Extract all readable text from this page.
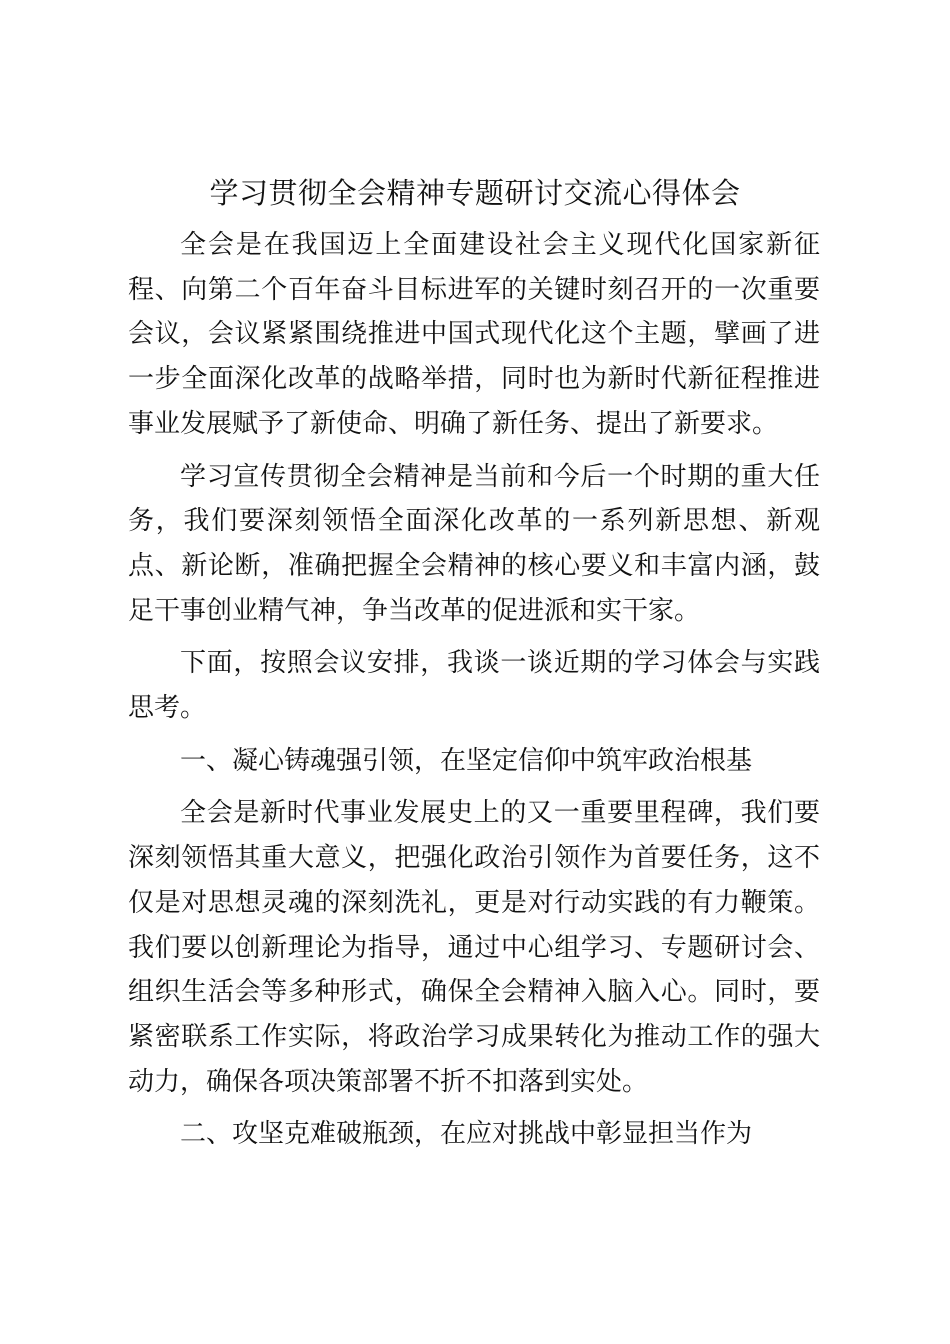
学习贯彻全会精神专题研讨交流心得体会

全会是在我国迈上全面建设社会主义现代化国家新征程、向第二个百年奋斗目标进军的关键时刻召开的一次重要会议，会议紧紧围绕推进中国式现代化这个主题，擘画了进一步全面深化改革的战略举措，同时也为新时代新征程推进事业发展赋予了新使命、明确了新任务、提出了新要求。

学习宣传贯彻全会精神是当前和今后一个时期的重大任务，我们要深刻领悟全面深化改革的一系列新思想、新观点、新论断，准确把握全会精神的核心要义和丰富内涵，鼓足干事创业精气神，争当改革的促进派和实干家。

下面，按照会议安排，我谈一谈近期的学习体会与实践思考。

一、凝心铸魂强引领，在坚定信仰中筑牢政治根基

全会是新时代事业发展史上的又一重要里程碑，我们要深刻领悟其重大意义，把强化政治引领作为首要任务，这不仅是对思想灵魂的深刻洗礼，更是对行动实践的有力鞭策。我们要以创新理论为指导，通过中心组学习、专题研讨会、组织生活会等多种形式，确保全会精神入脑入心。同时，要紧密联系工作实际，将政治学习成果转化为推动工作的强大动力，确保各项决策部署不折不扣落到实处。

二、攻坚克难破瓶颈，在应对挑战中彰显担当作为
